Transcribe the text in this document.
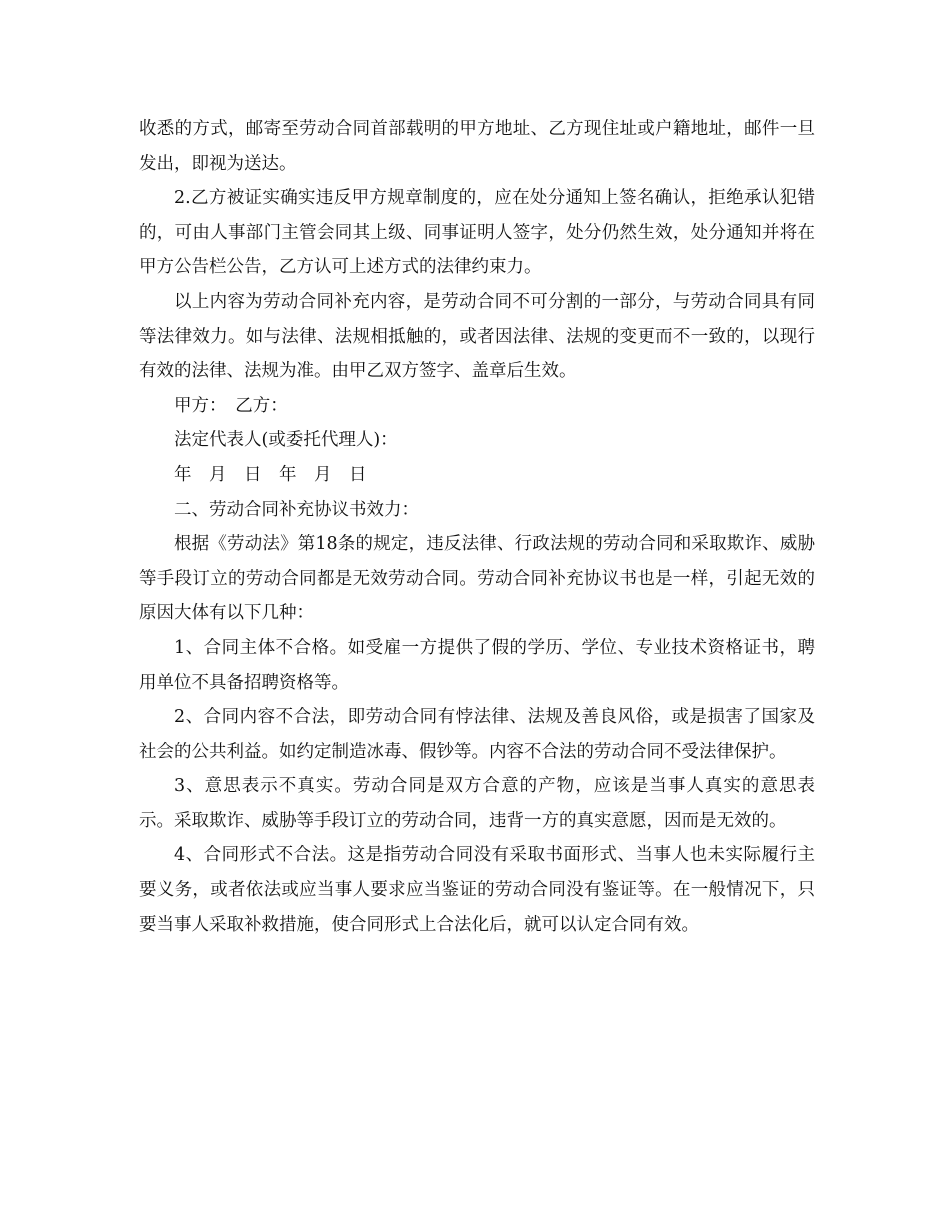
收悉的方式，邮寄至劳动合同首部载明的甲方地址、乙方现住址或户籍地址，邮件一旦发出，即视为送达。

2.乙方被证实确实违反甲方规章制度的，应在处分通知上签名确认，拒绝承认犯错的，可由人事部门主管会同其上级、同事证明人签字，处分仍然生效，处分通知并将在甲方公告栏公告，乙方认可上述方式的法律约束力。

以上内容为劳动合同补充内容，是劳动合同不可分割的一部分，与劳动合同具有同等法律效力。如与法律、法规相抵触的，或者因法律、法规的变更而不一致的，以现行有效的法律、法规为准。由甲乙双方签字、盖章后生效。

甲方：　乙方：

法定代表人(或委托代理人)：

年　月　日　年　月　日

二、劳动合同补充协议书效力：

根据《劳动法》第18条的规定，违反法律、行政法规的劳动合同和采取欺诈、威胁等手段订立的劳动合同都是无效劳动合同。劳动合同补充协议书也是一样，引起无效的原因大体有以下几种：

1、合同主体不合格。如受雇一方提供了假的学历、学位、专业技术资格证书，聘用单位不具备招聘资格等。

2、合同内容不合法，即劳动合同有悖法律、法规及善良风俗，或是损害了国家及社会的公共利益。如约定制造冰毒、假钞等。内容不合法的劳动合同不受法律保护。

3、意思表示不真实。劳动合同是双方合意的产物，应该是当事人真实的意思表示。采取欺诈、威胁等手段订立的劳动合同，违背一方的真实意愿，因而是无效的。

4、合同形式不合法。这是指劳动合同没有采取书面形式、当事人也未实际履行主要义务，或者依法或应当事人要求应当鉴证的劳动合同没有鉴证等。在一般情况下，只要当事人采取补救措施，使合同形式上合法化后，就可以认定合同有效。
